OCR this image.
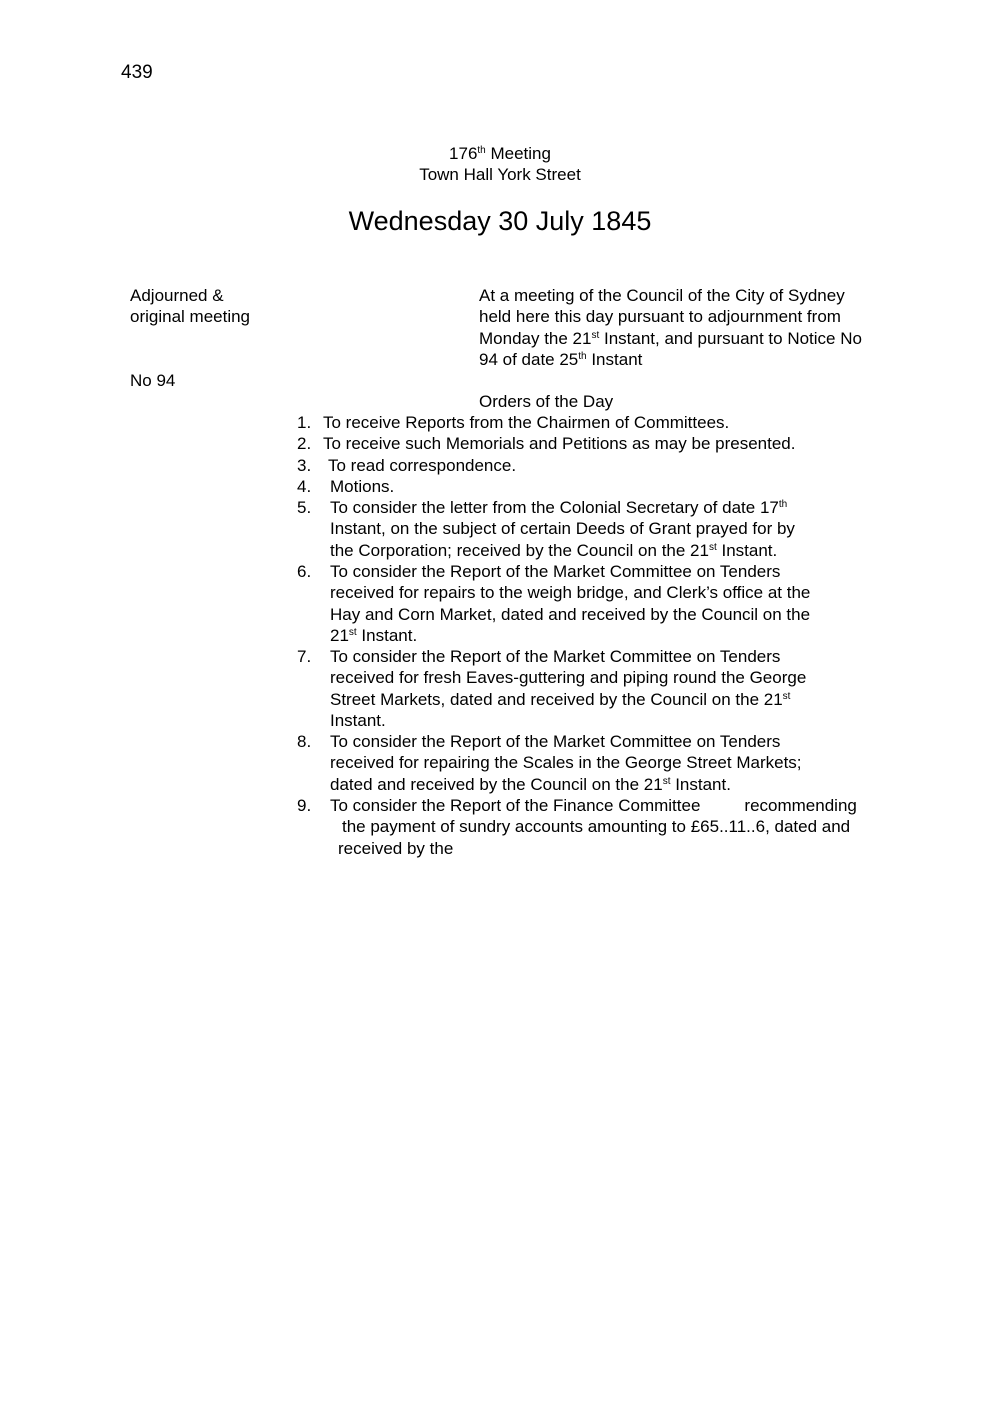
439
176th Meeting
Town Hall York Street
Wednesday 30 July 1845
Adjourned &
original meeting
No 94
At a meeting of the Council of the City of Sydney
held here this day pursuant to adjournment from
Monday the 21st Instant, and pursuant to Notice No
94 of date 25th Instant
Orders of the Day
1. To receive Reports from the Chairmen of Committees.
2. To receive such Memorials and Petitions as may be presented.
3. To read correspondence.
4. Motions.
5. To consider the letter from the Colonial Secretary of date 17th
Instant, on the subject of certain Deeds of Grant prayed for by
the Corporation; received by the Council on the 21st Instant.
6. To consider the Report of the Market Committee on Tenders
received for repairs to the weigh bridge, and Clerk’s office at the
Hay and Corn Market, dated and received by the Council on the
21st Instant.
7. To consider the Report of the Market Committee on Tenders
received for fresh Eaves-guttering and piping round the George
Street Markets, dated and received by the Council on the 21st
Instant.
8. To consider the Report of the Market Committee on Tenders
received for repairing the Scales in the George Street Markets;
dated and received by the Council on the 21st Instant.
9. To consider the Report of the Finance Committee	recommending
the payment of sundry accounts amounting to £65..11..6, dated and
received by the
